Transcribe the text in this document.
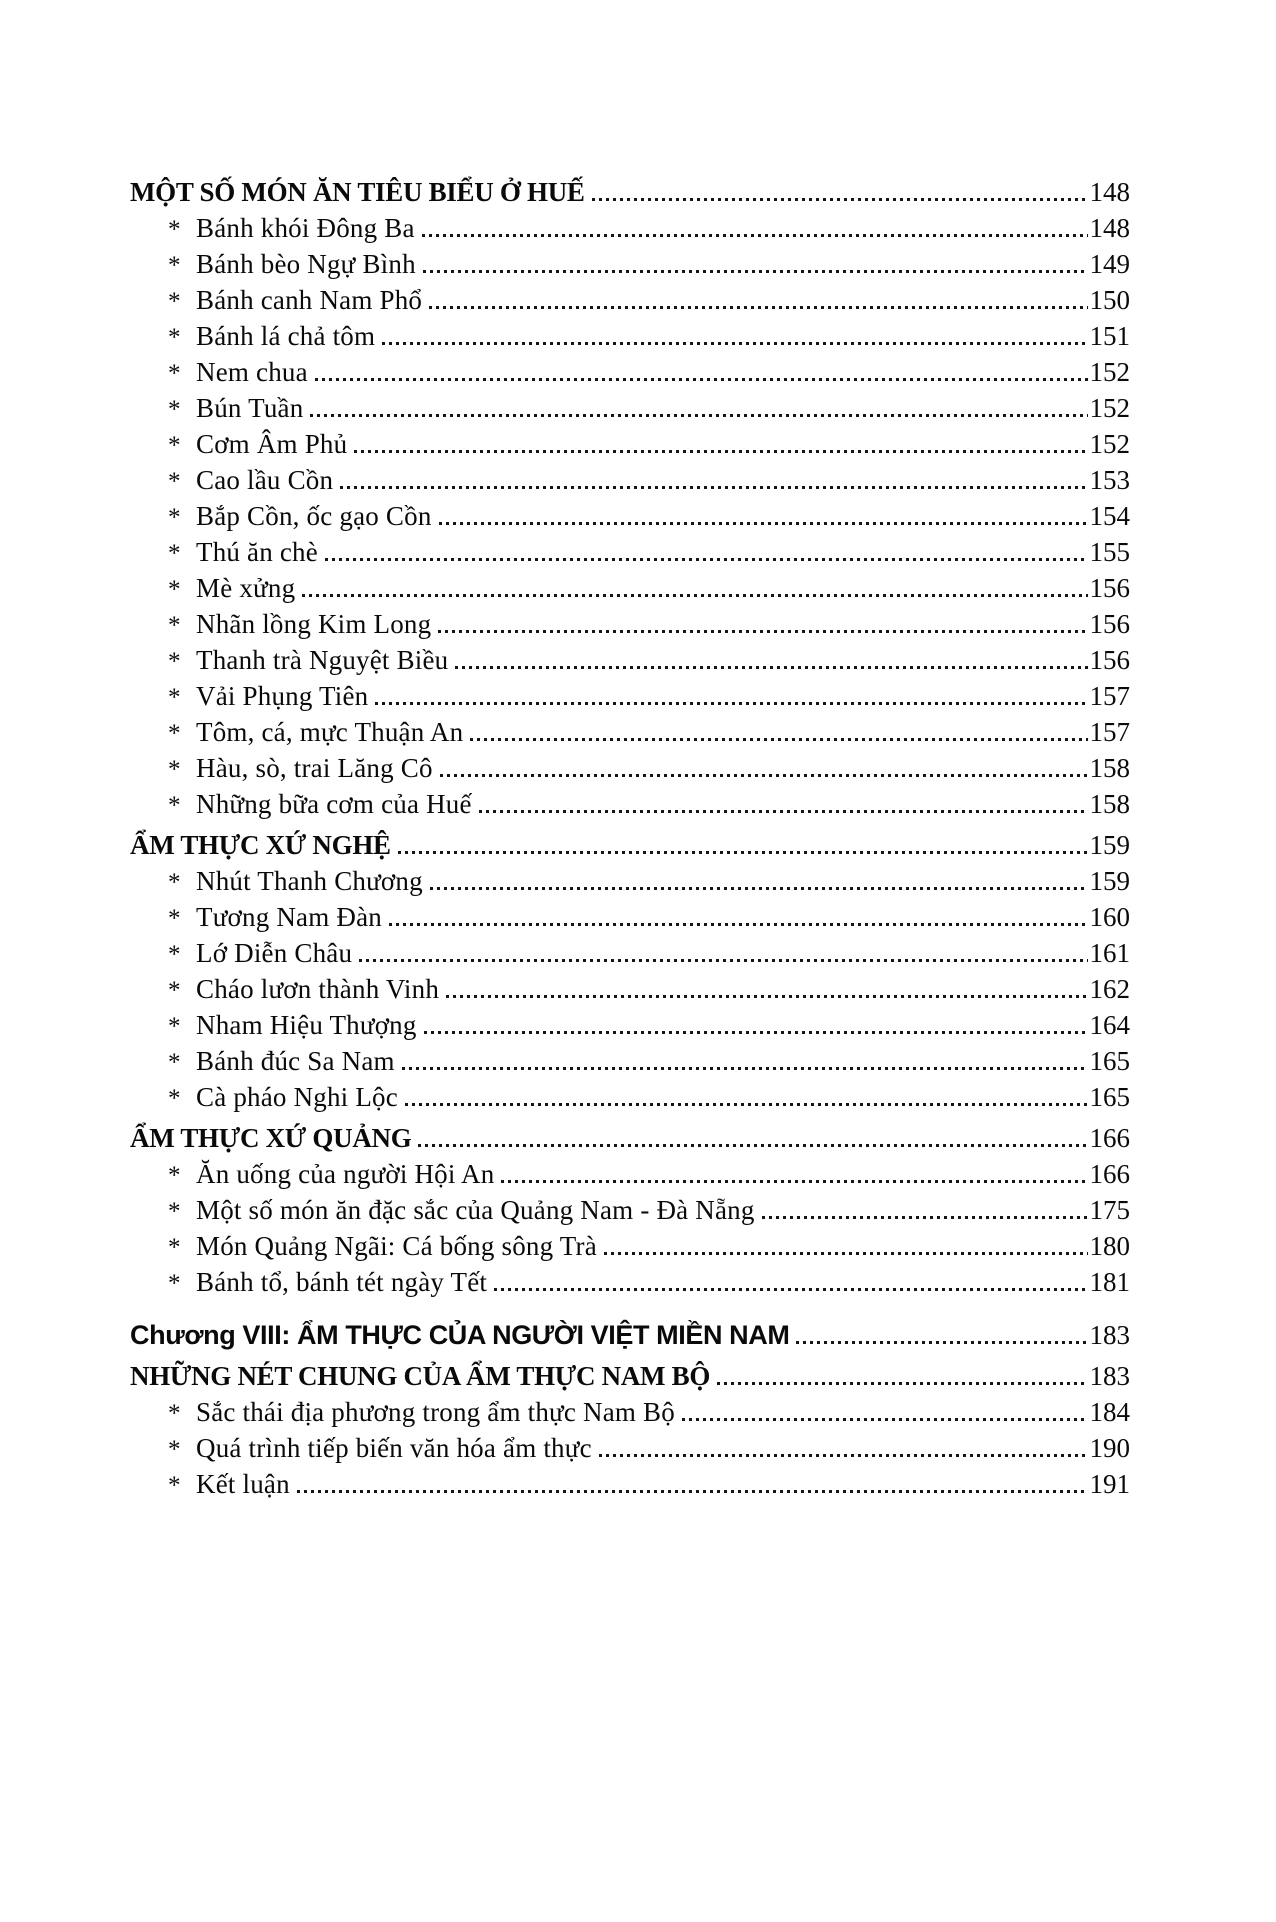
MỘT SỐ MÓN ĂN TIÊU BIỂU Ở HUẾ	148
* Bánh khói Đông Ba	148
* Bánh bèo Ngự Bình	149
* Bánh canh Nam Phổ	150
* Bánh lá chả tôm	151
* Nem chua	152
* Bún Tuần	152
* Cơm Âm Phủ	152
* Cao lầu Cồn	153
* Bắp Cồn, ốc gạo Cồn	154
* Thú ăn chè	155
* Mè xửng	156
* Nhãn lồng Kim Long	156
* Thanh trà Nguyệt Biều	156
* Vải Phụng Tiên	157
* Tôm, cá, mực Thuận An	157
* Hàu, sò, trai Lăng Cô	158
* Những bữa cơm của Huế	158
ẨM THỰC XỨ NGHỆ	159
* Nhút Thanh Chương	159
* Tương Nam Đàn	160
* Lớ Diễn Châu	161
* Cháo lươn thành Vinh	162
* Nham Hiệu Thượng	164
* Bánh đúc Sa Nam	165
* Cà pháo Nghi Lộc	165
ẨM THỰC XỨ QUẢNG	166
* Ăn uống của người Hội An	166
* Một số món ăn đặc sắc của Quảng Nam - Đà Nẵng	175
* Món Quảng Ngãi: Cá bống sông Trà	180
* Bánh tổ, bánh tét ngày Tết	181
Chương VIII: ẨM THỰC CỦA NGƯỜI VIỆT MIỀN NAM	183
NHỮNG NÉT CHUNG CỦA ẨM THỰC NAM BỘ	183
* Sắc thái địa phương trong ẩm thực Nam Bộ	184
* Quá trình tiếp biến văn hóa ẩm thực	190
* Kết luận	191
